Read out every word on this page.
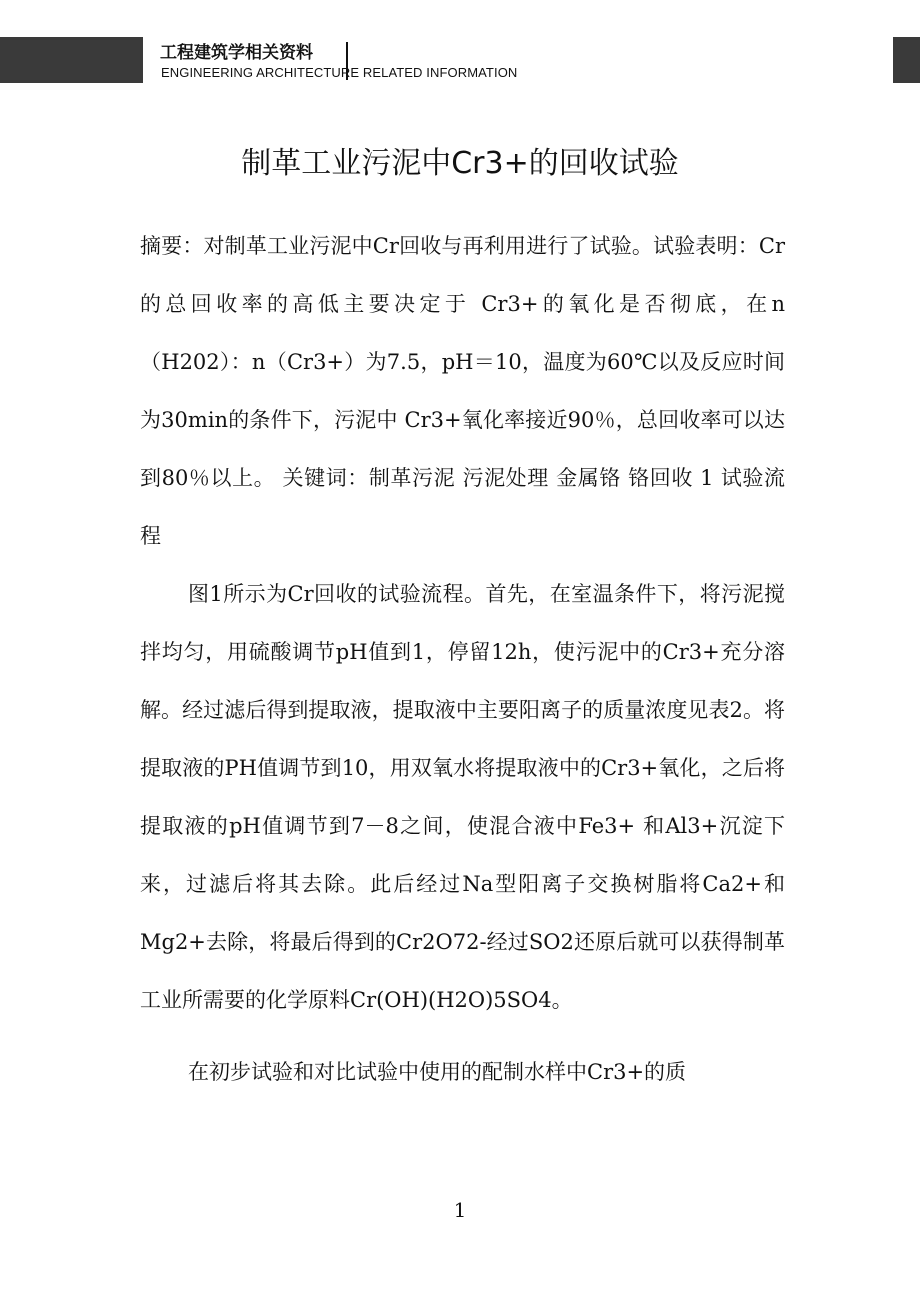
工程建筑学相关资料
ENGINEERING ARCHITECTURE RELATED INFORMATION
制革工业污泥中Cr3+的回收试验

摘要：对制革工业污泥中Cr回收与再利用进行了试验。试验表明：Cr的总回收率的高低主要决定于 Cr3+的氧化是否彻底，在n（H202）：n（Cr3+）为7.5，pH＝10，温度为60℃以及反应时间为30min的条件下，污泥中 Cr3+氧化率接近90％，总回收率可以达到80％以上。 关键词：制革污泥 污泥处理 金属铬 铬回收 1 试验流程

图1所示为Cr回收的试验流程。首先，在室温条件下，将污泥搅拌均匀，用硫酸调节pH值到1，停留12h，使污泥中的Cr3+充分溶解。经过滤后得到提取液，提取液中主要阳离子的质量浓度见表2。将提取液的PH值调节到10，用双氧水将提取液中的Cr3+氧化，之后将提取液的pH值调节到7－8之间，使混合液中Fe3+ 和Al3+沉淀下来，过滤后将其去除。此后经过Na型阳离子交换树脂将Ca2+和Mg2+去除，将最后得到的Cr2O72-经过SO2还原后就可以获得制革工业所需要的化学原料Cr(OH)(H2O)5SO4。

在初步试验和对比试验中使用的配制水样中Cr3+的质

1
